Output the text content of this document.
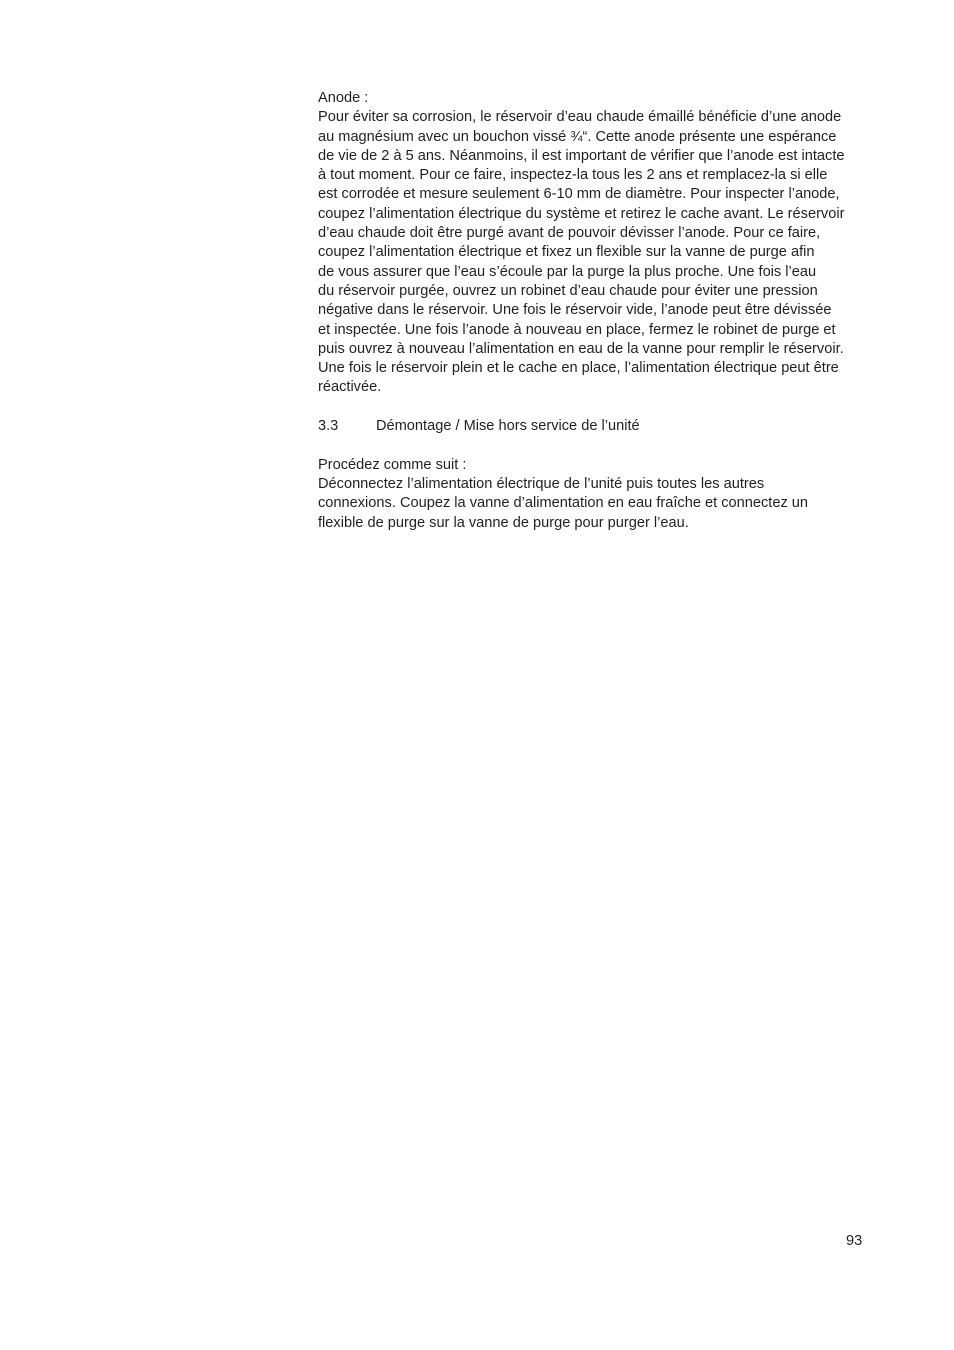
Anode :
Pour éviter sa corrosion, le réservoir d’eau chaude émaillé bénéficie d’une anode
au magnésium avec un bouchon vissé ¾“. Cette anode présente une espérance
de vie de 2 à 5 ans. Néanmoins, il est important de vérifier que l’anode est intacte
à tout moment. Pour ce faire, inspectez-la tous les 2 ans et remplacez-la si elle
est corrodée et mesure seulement 6-10 mm de diamètre. Pour inspecter l’anode,
coupez l’alimentation électrique du système et retirez le cache avant. Le réservoir
d’eau chaude doit être purgé avant de pouvoir dévisser l’anode. Pour ce faire,
coupez l’alimentation électrique et fixez un flexible sur la vanne de purge afin
de vous assurer que l’eau s’écoule par la purge la plus proche. Une fois l’eau
du réservoir purgée, ouvrez un robinet d’eau chaude pour éviter une pression
négative dans le réservoir. Une fois le réservoir vide, l’anode peut être dévissée
et inspectée. Une fois l’anode à nouveau en place, fermez le robinet de purge et
puis ouvrez à nouveau l’alimentation en eau de la vanne pour remplir le réservoir.
Une fois le réservoir plein et le cache en place, l’alimentation électrique peut être
réactivée.
3.3	Démontage / Mise hors service de l’unité
Procédez comme suit :
Déconnectez l’alimentation électrique de l’unité puis toutes les autres
connexions. Coupez la vanne d’alimentation en eau fraîche et connectez un
flexible de purge sur la vanne de purge pour purger l’eau.
93
